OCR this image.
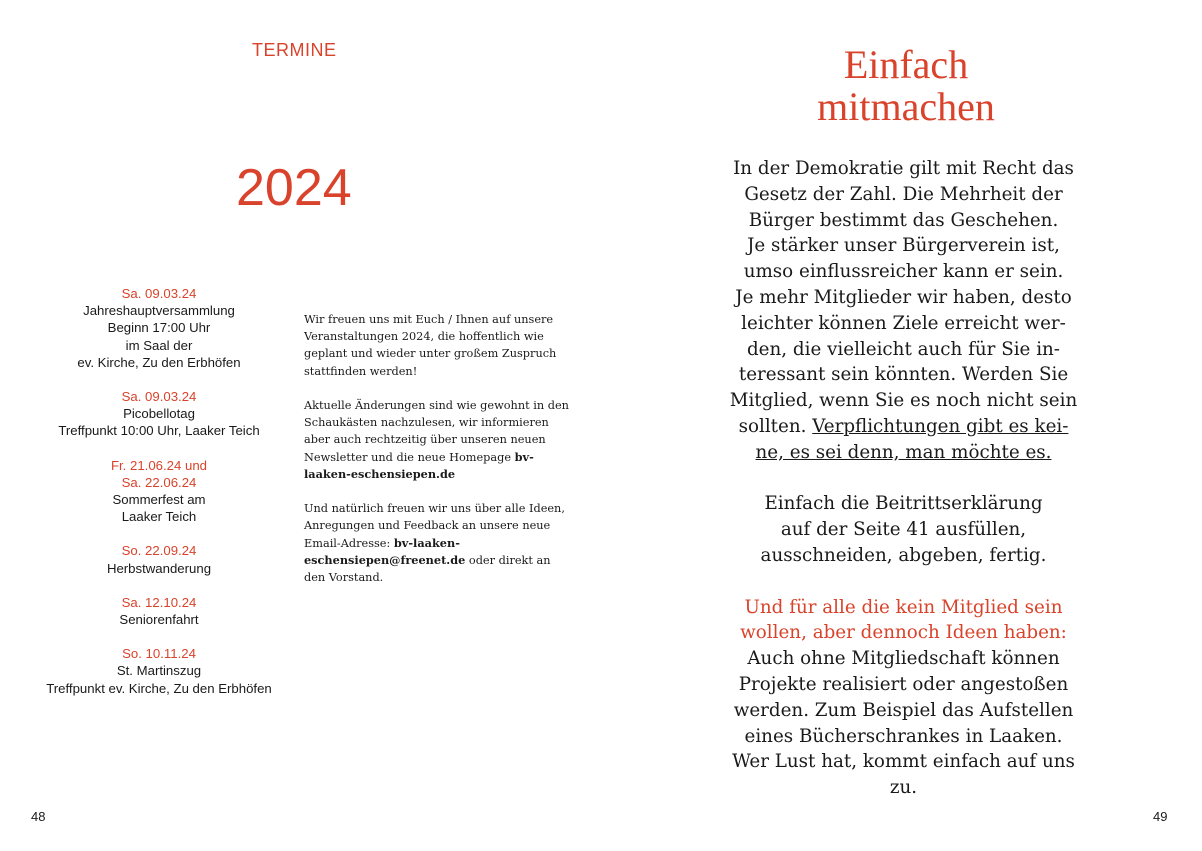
TERMINE
2024
Sa. 09.03.24
Jahreshauptversammlung
Beginn 17:00 Uhr
im Saal der
ev. Kirche, Zu den Erbhöfen
Sa. 09.03.24
Picobellotag
Treffpunkt 10:00 Uhr, Laaker Teich
Fr. 21.06.24 und
Sa. 22.06.24
Sommerfest am
Laaker Teich
So. 22.09.24
Herbstwanderung
Sa. 12.10.24
Seniorenfahrt
So. 10.11.24
St. Martinszug
Treffpunkt ev. Kirche, Zu den Erbhöfen

Wir freuen uns mit Euch / Ihnen auf unsere Veranstaltungen 2024, die hoffentlich wie geplant und wieder unter großem Zuspruch stattfinden werden!

Aktuelle Änderungen sind wie gewohnt in den Schaukästen nachzulesen, wir informieren aber auch rechtzeitig über unseren neuen Newsletter und die neue Homepage bv-laaken-eschensiepen.de

Und natürlich freuen wir uns über alle Ideen, Anregungen und Feedback an unsere neue Email-Adresse: bv-laaken-eschensiepen@freenet.de oder direkt an den Vorstand.

48
Einfach
mitmachen

In der Demokratie gilt mit Recht das
Gesetz der Zahl. Die Mehrheit der
Bürger bestimmt das Geschehen.
Je stärker unser Bürgerverein ist,
umso einflussreicher kann er sein.
Je mehr Mitglieder wir haben, desto
leichter können Ziele erreicht wer-
den, die vielleicht auch für Sie in-
teressant sein könnten. Werden Sie
Mitglied, wenn Sie es noch nicht sein
sollten. Verpflichtungen gibt es kei-
ne, es sei denn, man möchte es.

Einfach die Beitrittserklärung
auf der Seite 41 ausfüllen,
ausschneiden, abgeben, fertig.

Und für alle die kein Mitglied sein
wollen, aber dennoch Ideen haben:
Auch ohne Mitgliedschaft können
Projekte realisiert oder angestoßen
werden. Zum Beispiel das Aufstellen
eines Bücherschrankes in Laaken.
Wer Lust hat, kommt einfach auf uns
zu.

49
